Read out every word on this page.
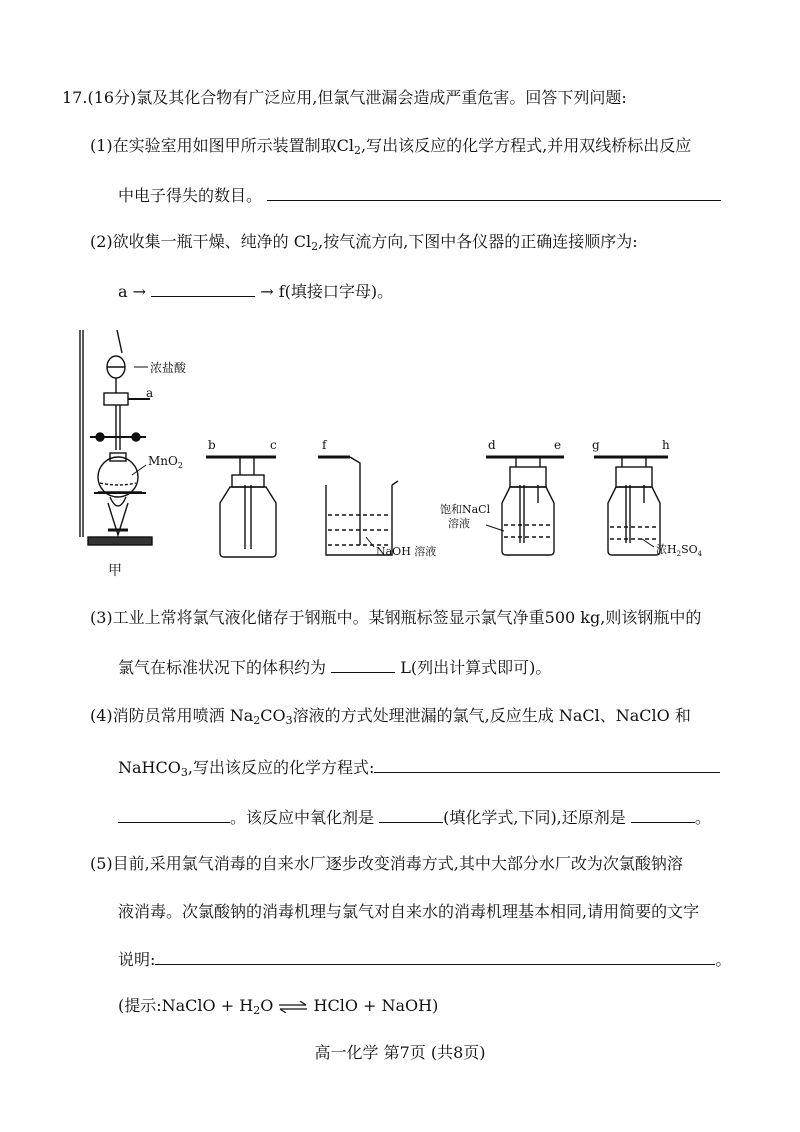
17.(16分)氯及其化合物有广泛应用,但氯气泄漏会造成严重危害。回答下列问题:
(1)在实验室用如图甲所示装置制取$Cl_2$,写出该反应的化学方程式,并用双线桥标出反应
中电子得失的数目。
(2)欲收集一瓶干燥、纯净的 $Cl_2$,按气流方向,下图中各仪器的正确连接顺序为:
a →	→ f(填接口字母)。
浓盐酸
a
MnO$_2$
甲
b	c	f
NaOH 溶液
d	e
饱和NaCl
溶液
g	h
浓$H_2SO_4$
(3)工业上常将氯气液化储存于钢瓶中。某钢瓶标签显示氯气净重500 kg,则该钢瓶中的
氯气在标准状况下的体积约为	L(列出计算式即可)。
(4)消防员常用喷洒 $Na_2CO_3$溶液的方式处理泄漏的氯气,反应生成 NaCl、NaClO 和
NaHCO$_3$,写出该反应的化学方程式:
。该反应中氧化剂是	(填化学式,下同),还原剂是	。
(5)目前,采用氯气消毒的自来水厂逐步改变消毒方式,其中大部分水厂改为次氯酸钠溶
液消毒。次氯酸钠的消毒机理与氯气对自来水的消毒机理基本相同,请用简要的文字
说明:	。
(提示:NaClO + $H_2O$ ⇌ HClO + NaOH)
高一化学 第7页 (共8页)
